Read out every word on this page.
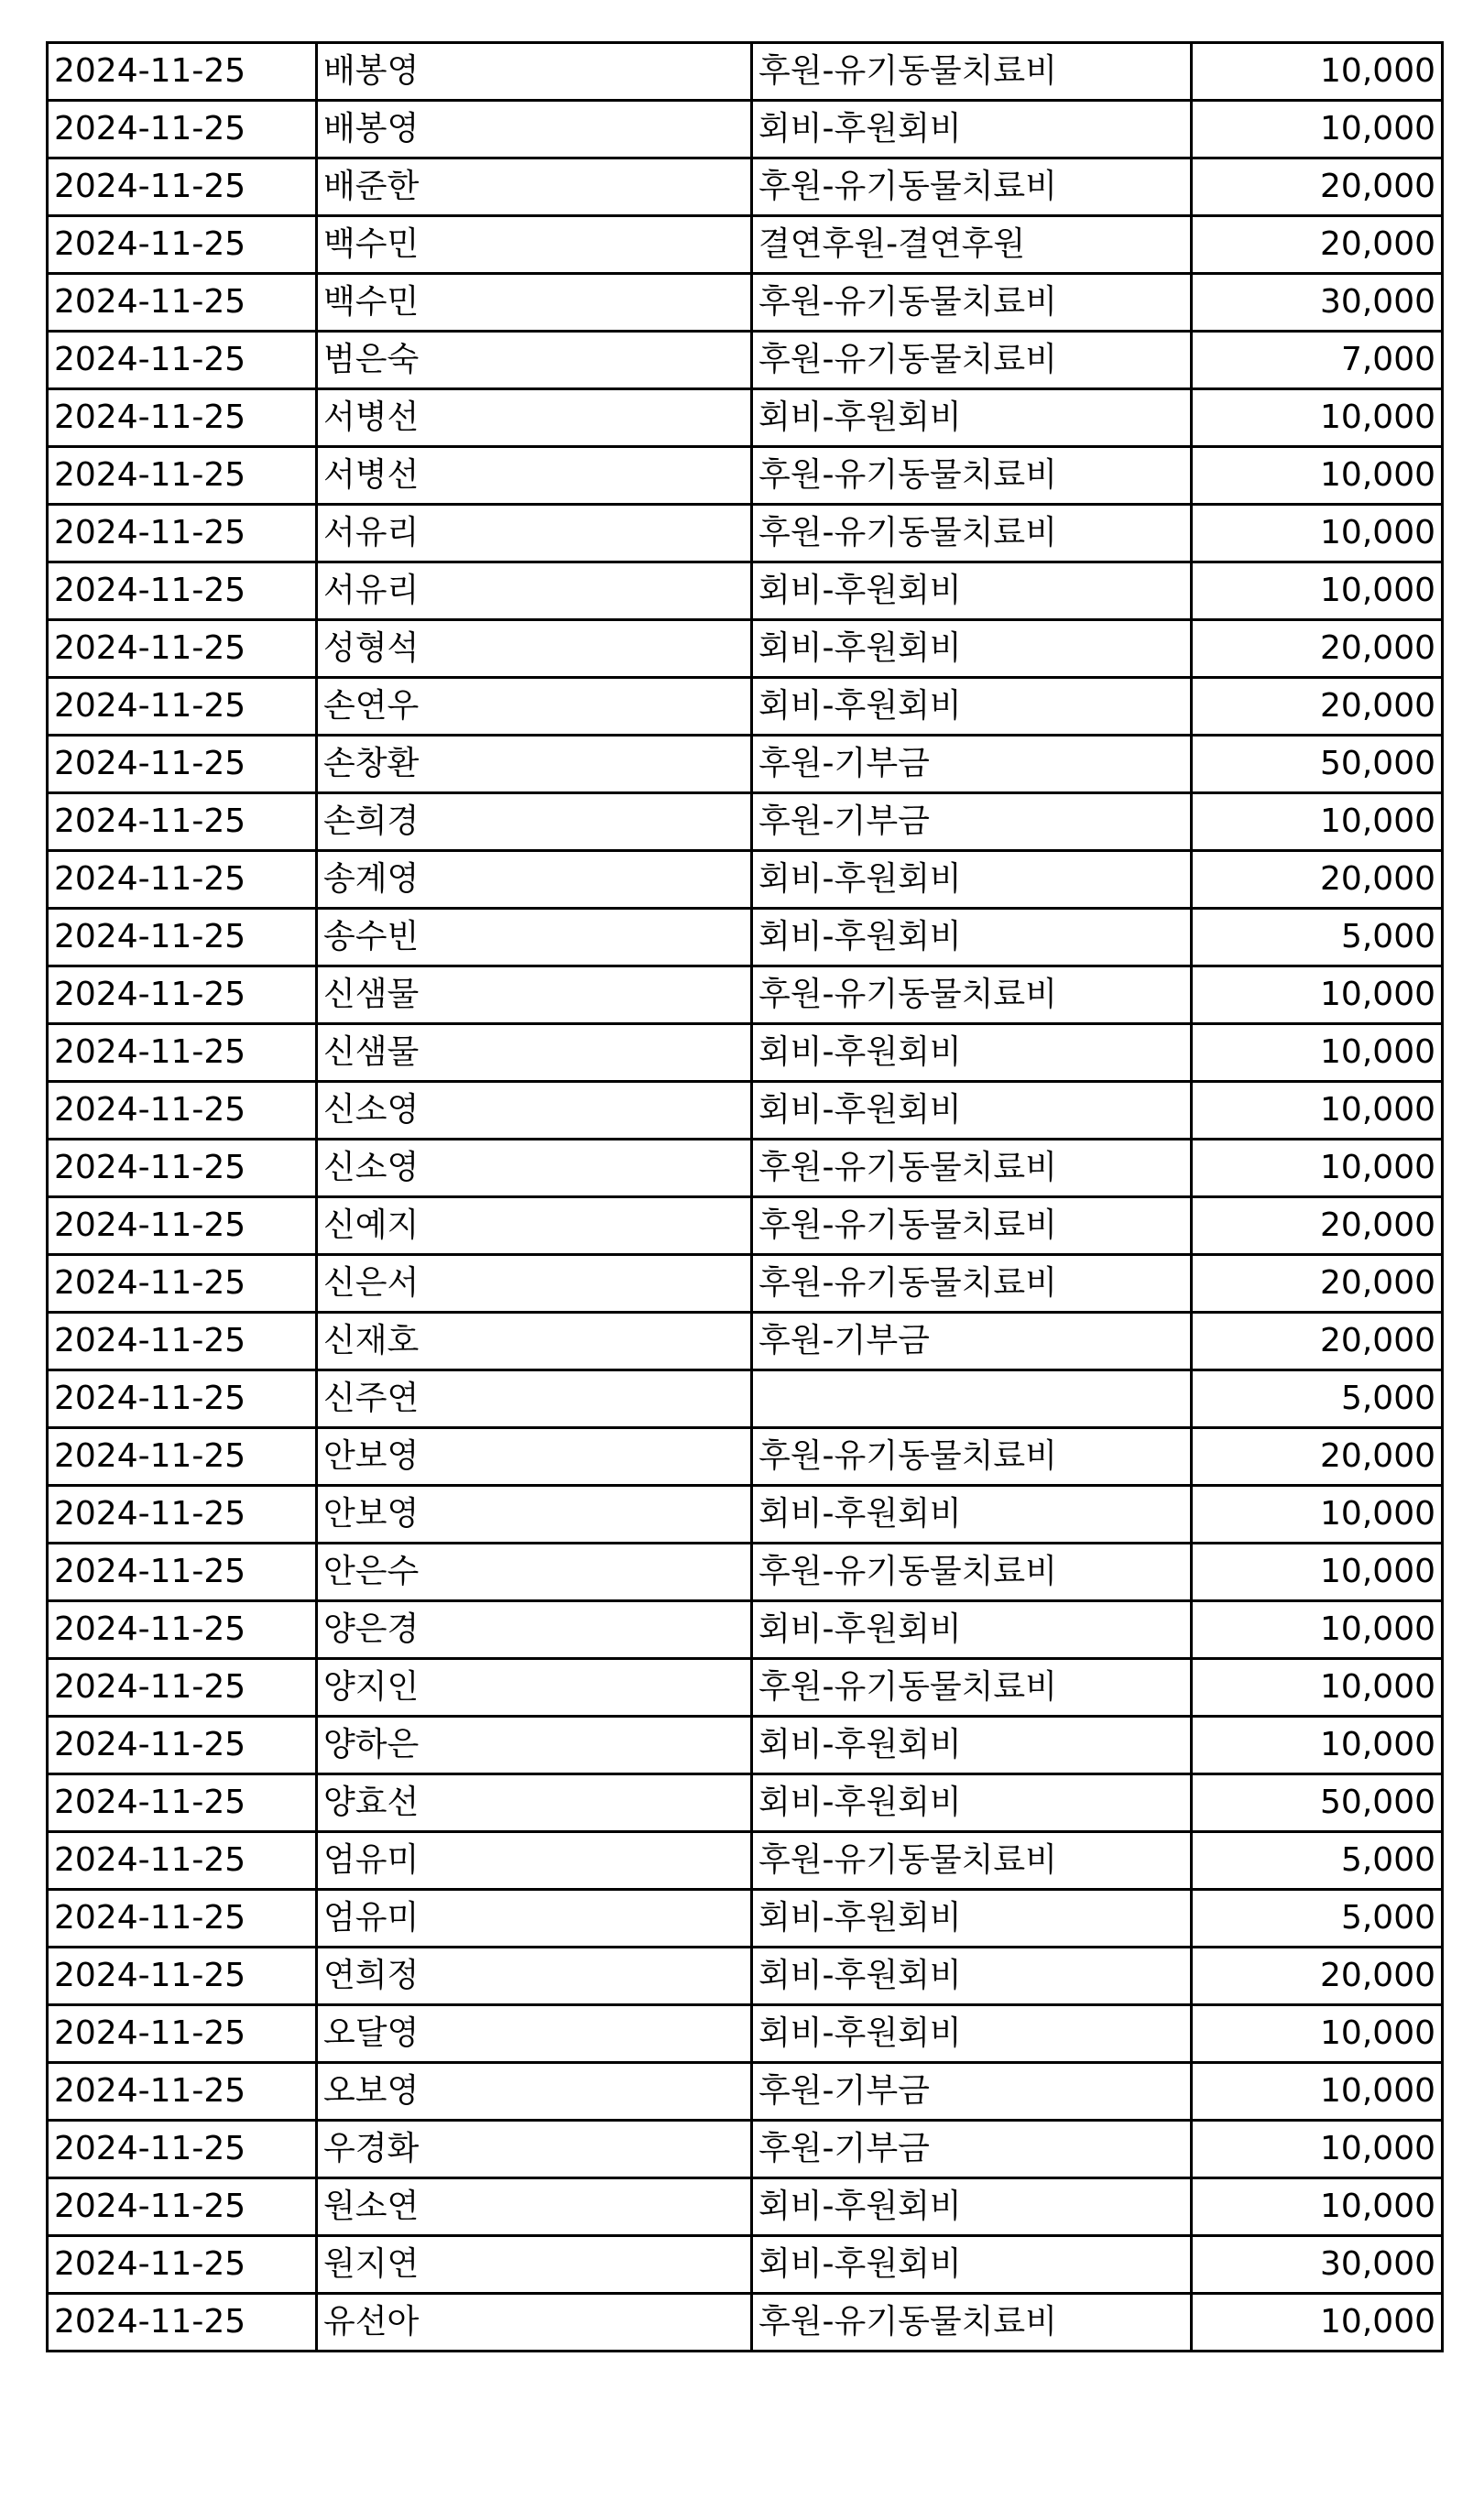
2024-11-25	배봉영	후원-유기동물치료비	10,000
2024-11-25	배봉영	회비-후원회비	10,000
2024-11-25	배준한	후원-유기동물치료비	20,000
2024-11-25	백수민	결연후원-결연후원	20,000
2024-11-25	백수민	후원-유기동물치료비	30,000
2024-11-25	범은숙	후원-유기동물치료비	7,000
2024-11-25	서병선	회비-후원회비	10,000
2024-11-25	서병선	후원-유기동물치료비	10,000
2024-11-25	서유리	후원-유기동물치료비	10,000
2024-11-25	서유리	회비-후원회비	10,000
2024-11-25	성형석	회비-후원회비	20,000
2024-11-25	손연우	회비-후원회비	20,000
2024-11-25	손창환	후원-기부금	50,000
2024-11-25	손희경	후원-기부금	10,000
2024-11-25	송계영	회비-후원회비	20,000
2024-11-25	송수빈	회비-후원회비	5,000
2024-11-25	신샘물	후원-유기동물치료비	10,000
2024-11-25	신샘물	회비-후원회비	10,000
2024-11-25	신소영	회비-후원회비	10,000
2024-11-25	신소영	후원-유기동물치료비	10,000
2024-11-25	신예지	후원-유기동물치료비	20,000
2024-11-25	신은서	후원-유기동물치료비	20,000
2024-11-25	신재호	후원-기부금	20,000
2024-11-25	신주연		5,000
2024-11-25	안보영	후원-유기동물치료비	20,000
2024-11-25	안보영	회비-후원회비	10,000
2024-11-25	안은수	후원-유기동물치료비	10,000
2024-11-25	양은경	회비-후원회비	10,000
2024-11-25	양지인	후원-유기동물치료비	10,000
2024-11-25	양하은	회비-후원회비	10,000
2024-11-25	양효선	회비-후원회비	50,000
2024-11-25	엄유미	후원-유기동물치료비	5,000
2024-11-25	엄유미	회비-후원회비	5,000
2024-11-25	연희정	회비-후원회비	20,000
2024-11-25	오달영	회비-후원회비	10,000
2024-11-25	오보영	후원-기부금	10,000
2024-11-25	우경화	후원-기부금	10,000
2024-11-25	원소연	회비-후원회비	10,000
2024-11-25	원지연	회비-후원회비	30,000
2024-11-25	유선아	후원-유기동물치료비	10,000
